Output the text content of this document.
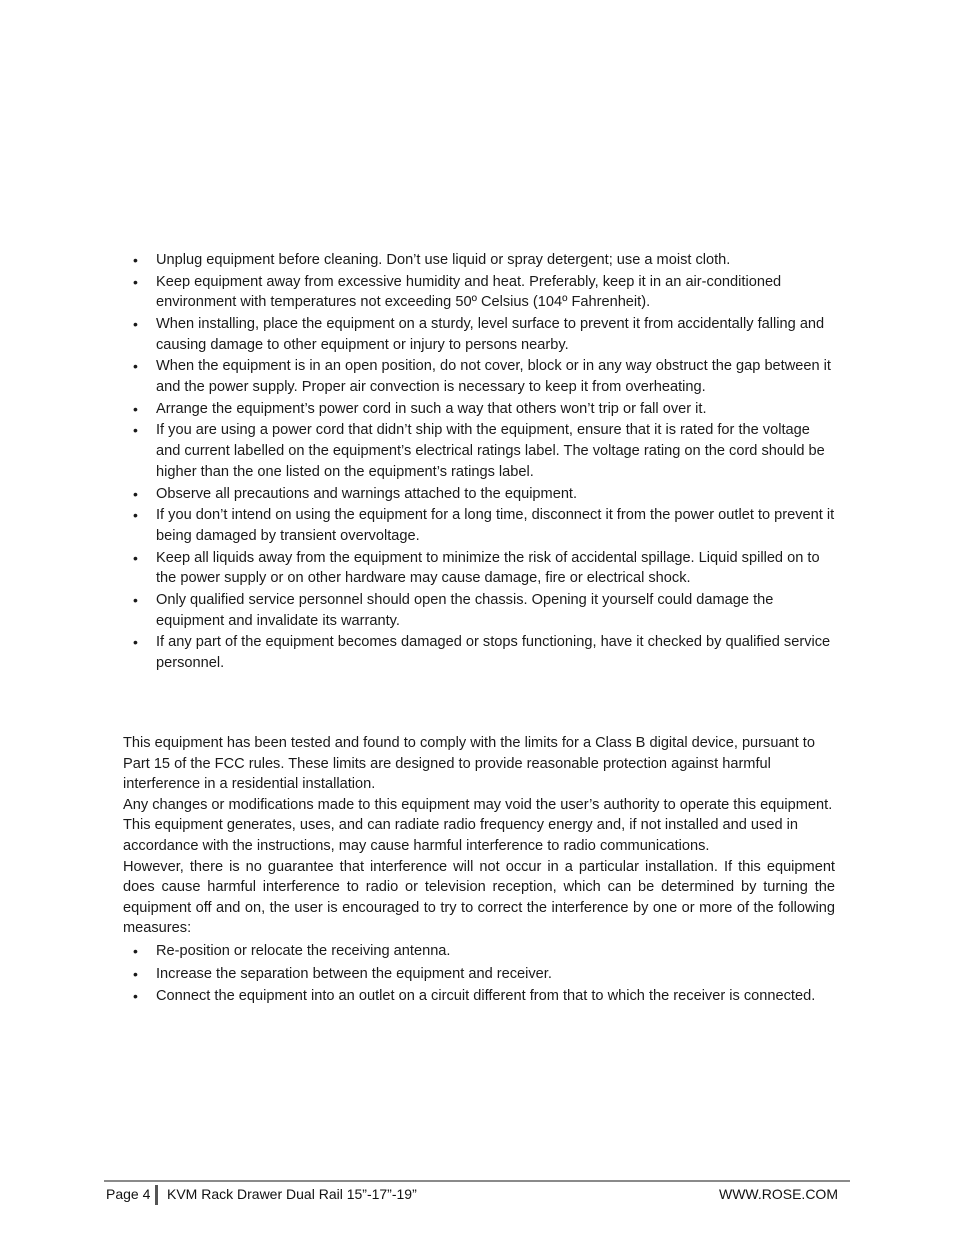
• Unplug equipment before cleaning. Don’t use liquid or spray detergent; use a moist cloth.
• Keep equipment away from excessive humidity and heat. Preferably, keep it in an air-conditioned environment with temperatures not exceeding 50º Celsius (104º Fahrenheit).
• When installing, place the equipment on a sturdy, level surface to prevent it from accidentally falling and causing damage to other equipment or injury to persons nearby.
• When the equipment is in an open position, do not cover, block or in any way obstruct the gap between it and the power supply. Proper air convection is necessary to keep it from overheating.
• Arrange the equipment’s power cord in such a way that others won’t trip or fall over it.
• If you are using a power cord that didn’t ship with the equipment, ensure that it is rated for the voltage and current labelled on the equipment’s electrical ratings label. The voltage rating on the cord should be higher than the one listed on the equipment’s ratings label.
• Observe all precautions and warnings attached to the equipment.
• If you don’t intend on using the equipment for a long time, disconnect it from the power outlet to prevent it being damaged by transient overvoltage.
• Keep all liquids away from the equipment to minimize the risk of accidental spillage. Liquid spilled on to the power supply or on other hardware may cause damage, fire or electrical shock.
• Only qualified service personnel should open the chassis. Opening it yourself could damage the equipment and invalidate its warranty.
• If any part of the equipment becomes damaged or stops functioning, have it checked by qualified service personnel.

This equipment has been tested and found to comply with the limits for a Class B digital device, pursuant to Part 15 of the FCC rules. These limits are designed to provide reasonable protection against harmful interference in a residential installation.

Any changes or modifications made to this equipment may void the user’s authority to operate this equipment. This equipment generates, uses, and can radiate radio frequency energy and, if not installed and used in accordance with the instructions, may cause harmful interference to radio communications.

However, there is no guarantee that interference will not occur in a particular installation. If this equipment does cause harmful interference to radio or television reception, which can be determined by turning the equipment off and on, the user is encouraged to try to correct the interference by one or more of the following measures:

• Re-position or relocate the receiving antenna.
• Increase the separation between the equipment and receiver.
• Connect the equipment into an outlet on a circuit different from that to which the receiver is connected.
Page 4 KVM Rack Drawer Dual Rail 15”-17”-19”	WWW.ROSE.COM
